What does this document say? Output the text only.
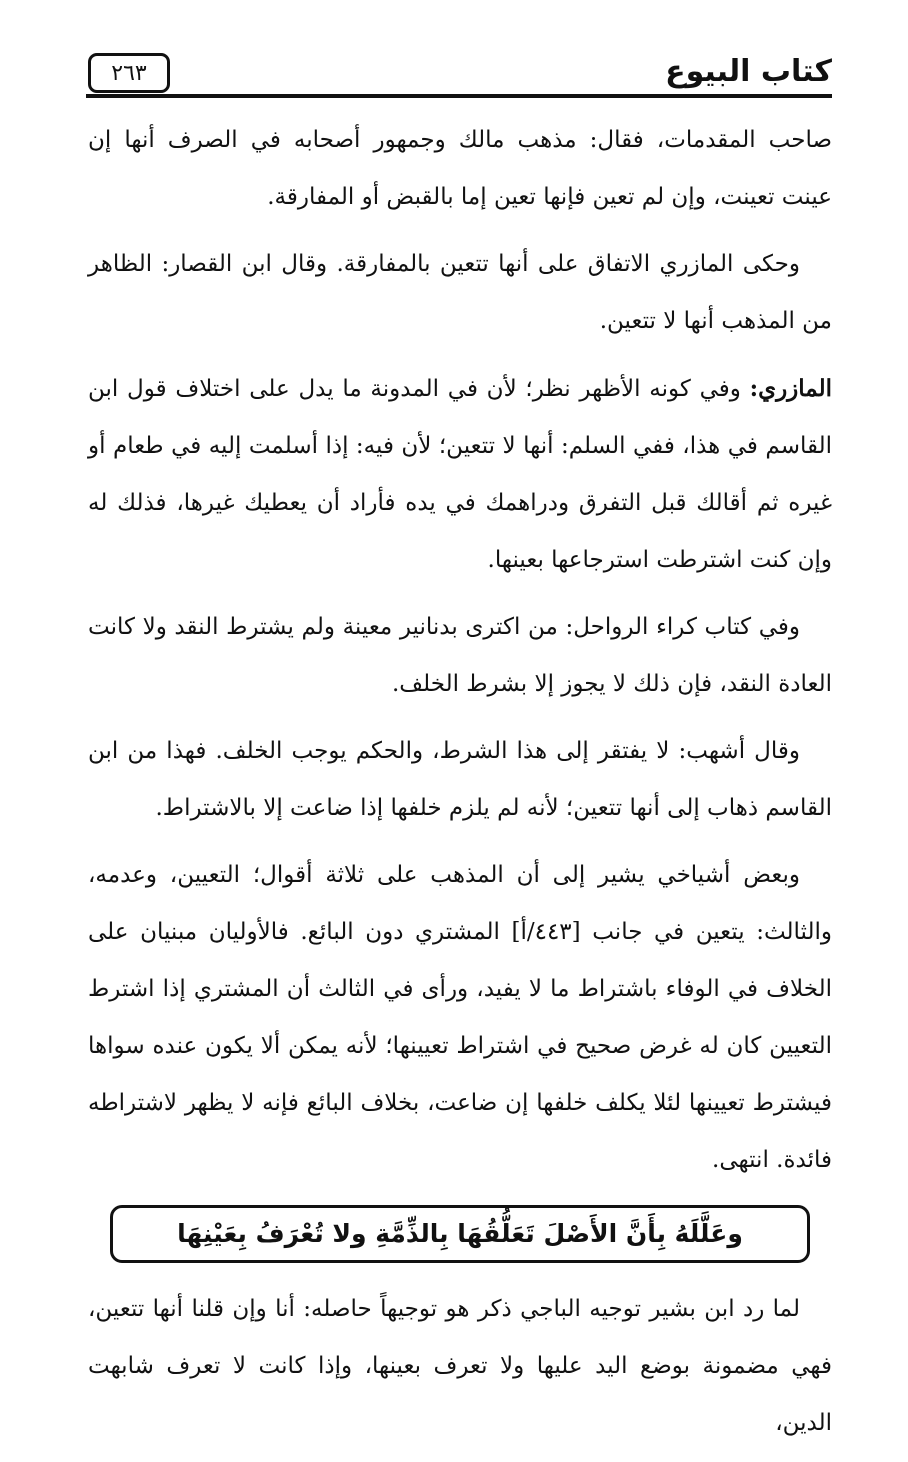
كتاب البيوع
٢٦٣

صاحب المقدمات، فقال: مذهب مالك وجمهور أصحابه في الصرف أنها إن عينت تعينت، وإن لم تعين فإنها تعين إما بالقبض أو المفارقة.

وحكى المازري الاتفاق على أنها تتعين بالمفارقة. وقال ابن القصار: الظاهر من المذهب أنها لا تتعين.

المازري: وفي كونه الأظهر نظر؛ لأن في المدونة ما يدل على اختلاف قول ابن القاسم في هذا، ففي السلم: أنها لا تتعين؛ لأن فيه: إذا أسلمت إليه في طعام أو غيره ثم أقالك قبل التفرق ودراهمك في يده فأراد أن يعطيك غيرها، فذلك له وإن كنت اشترطت استرجاعها بعينها.

وفي كتاب كراء الرواحل: من اكترى بدنانير معينة ولم يشترط النقد ولا كانت العادة النقد، فإن ذلك لا يجوز إلا بشرط الخلف.

وقال أشهب: لا يفتقر إلى هذا الشرط، والحكم يوجب الخلف. فهذا من ابن القاسم ذهاب إلى أنها تتعين؛ لأنه لم يلزم خلفها إذا ضاعت إلا بالاشتراط.

وبعض أشياخي يشير إلى أن المذهب على ثلاثة أقوال؛ التعيين، وعدمه، والثالث: يتعين في جانب [٤٤٣/أ] المشتري دون البائع. فالأوليان مبنيان على الخلاف في الوفاء باشتراط ما لا يفيد، ورأى في الثالث أن المشتري إذا اشترط التعيين كان له غرض صحيح في اشتراط تعيينها؛ لأنه يمكن ألا يكون عنده سواها فيشترط تعيينها لئلا يكلف خلفها إن ضاعت، بخلاف البائع فإنه لا يظهر لاشتراطه فائدة. انتهى.

وعَلَّلَهُ بِأَنَّ الأَصْلَ تَعَلُّقُهَا بِالذِّمَّةِ ولا تُعْرَفُ بِعَيْنِهَا

لما رد ابن بشير توجيه الباجي ذكر هو توجيهاً حاصله: أنا وإن قلنا أنها تتعين، فهي مضمونة بوضع اليد عليها ولا تعرف بعينها، وإذا كانت لا تعرف شابهت الدين،
